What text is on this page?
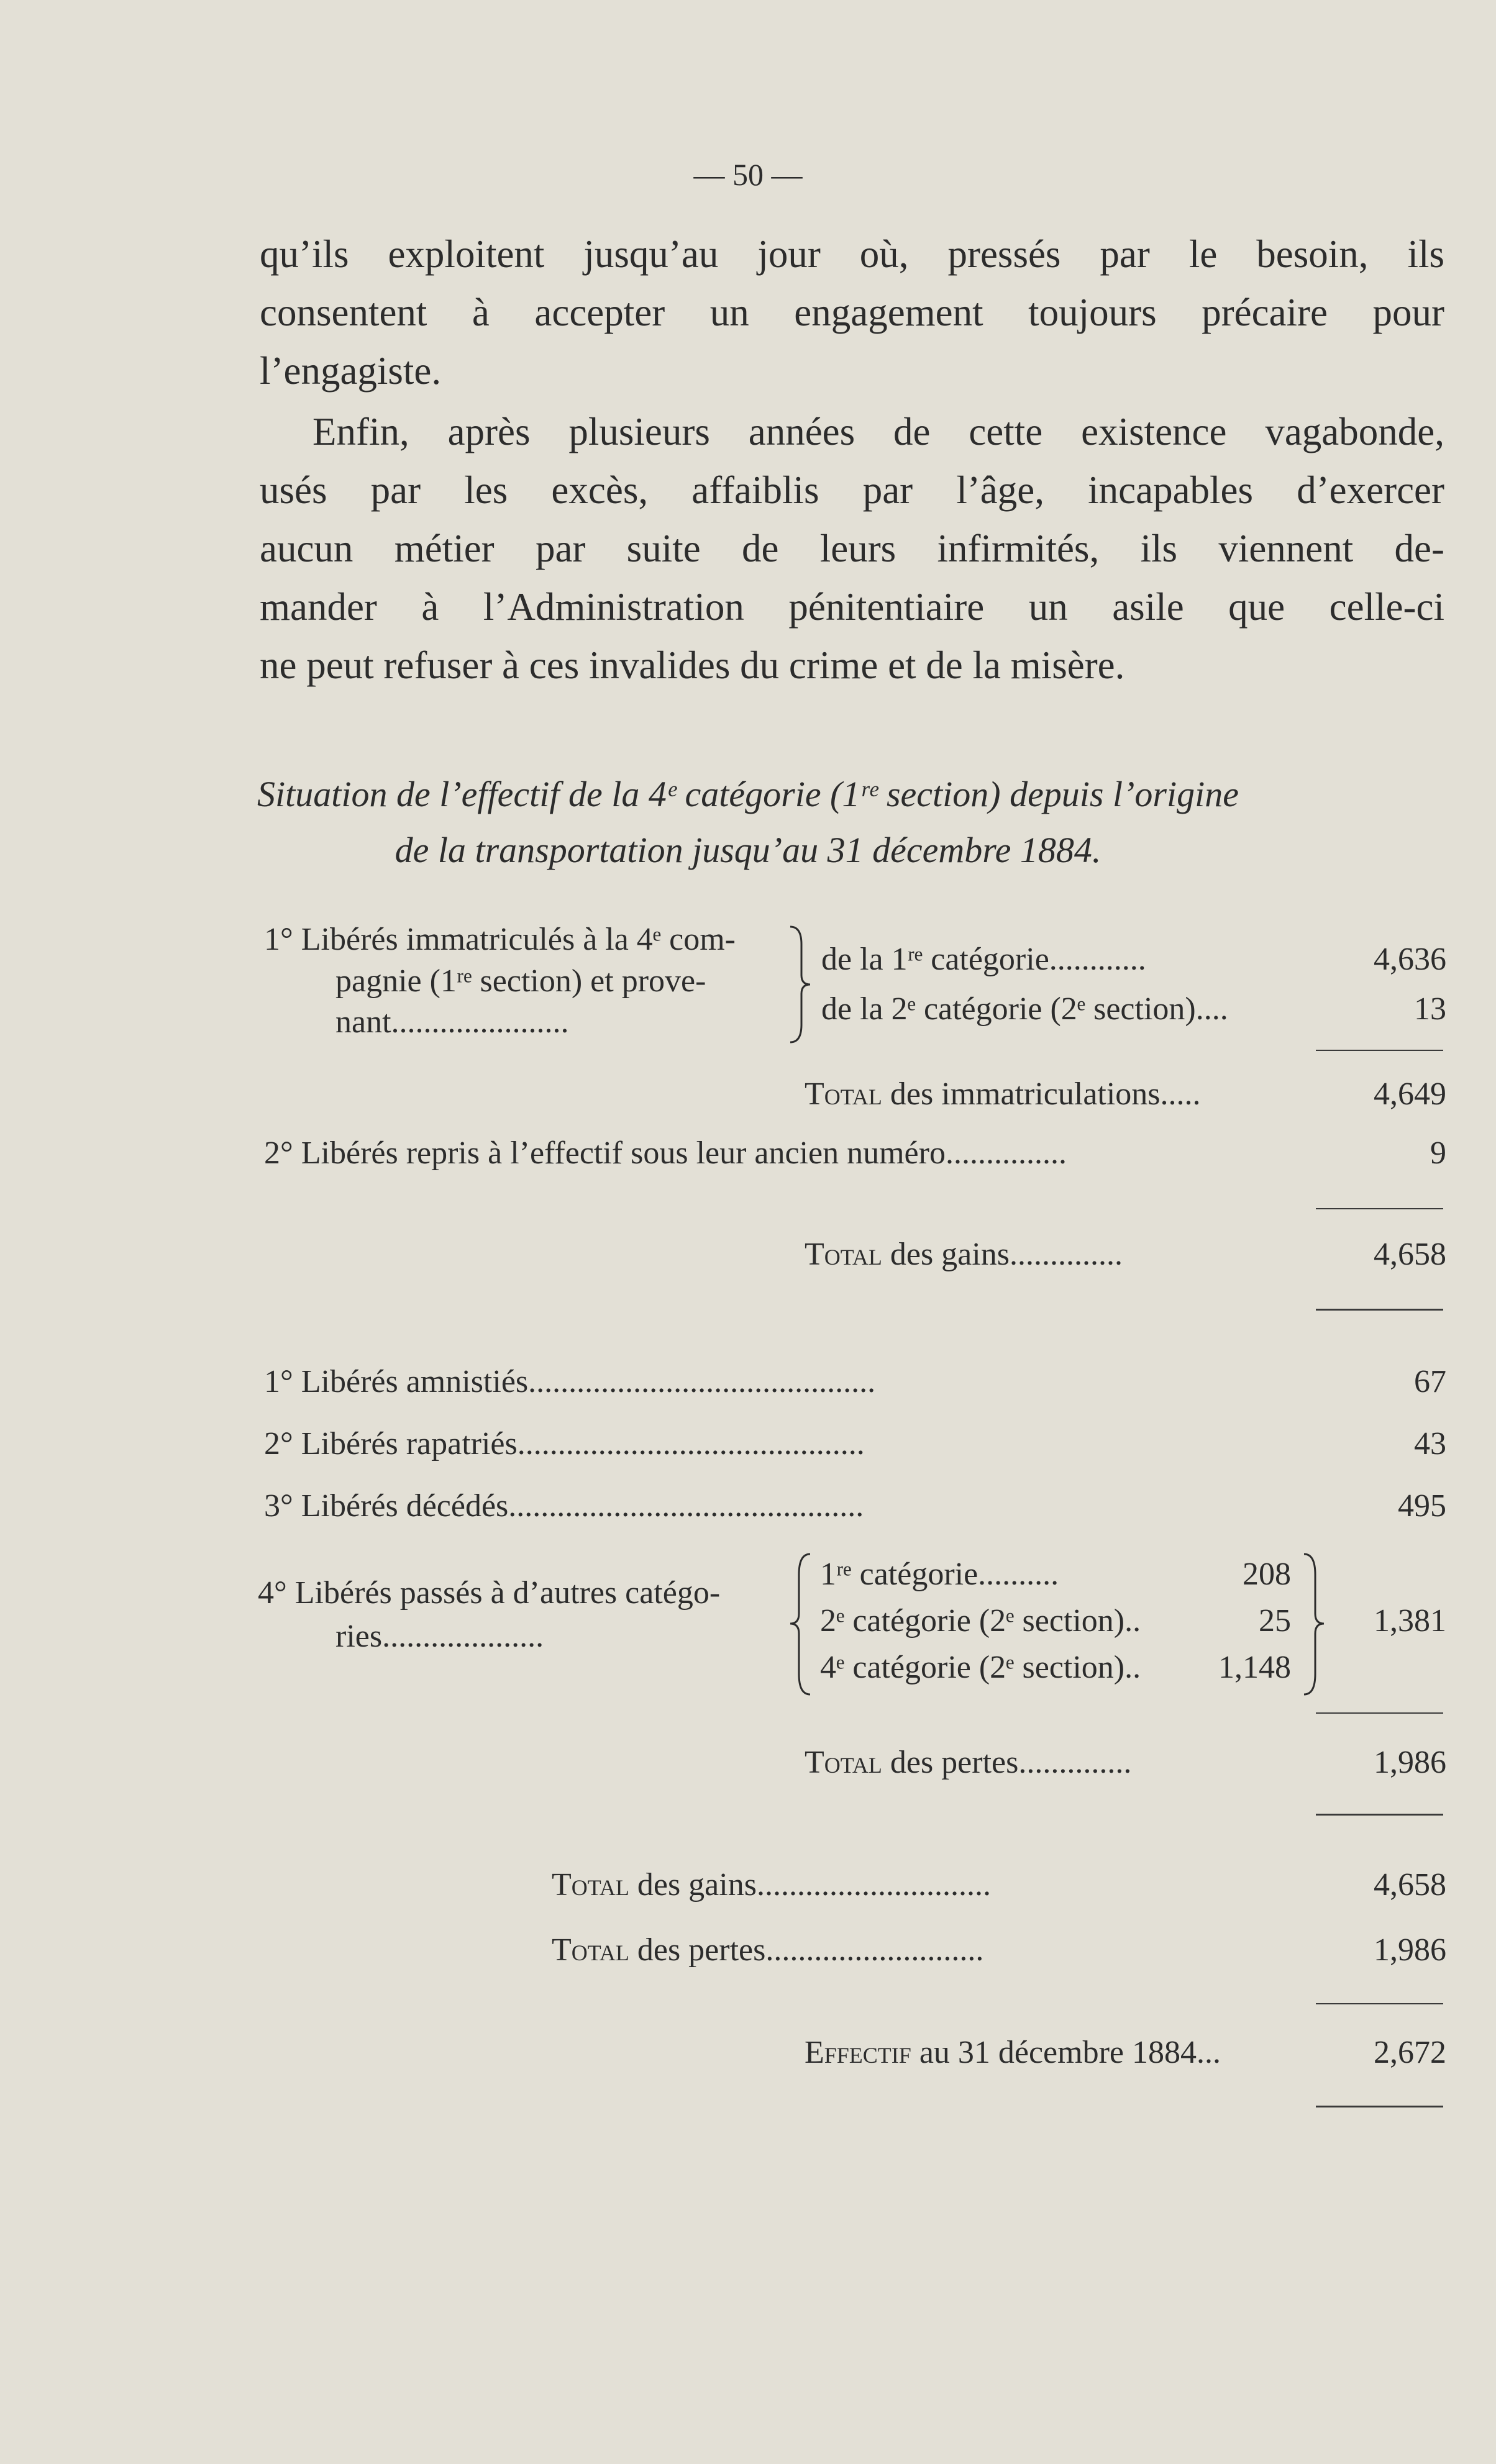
— 50 —
qu’ils exploitent jusqu’au jour où, pressés par le besoin, ils
consentent à accepter un engagement toujours précaire pour
l’engagiste.
Enfin, après plusieurs années de cette existence vagabonde,
usés par les excès, affaiblis par l’âge, incapables d’exercer
aucun métier par suite de leurs infirmités, ils viennent de-
mander à l’Administration pénitentiaire un asile que celle-ci
ne peut refuser à ces invalides du crime et de la misère.
Situation de l’effectif de la 4ᵉ catégorie (1ʳᵉ section) depuis l’origine
de la transportation jusqu’au 31 décembre 1884.
1° Libérés immatriculés à la 4ᵉ com-
pagnie (1ʳᵉ section) et prove-
nant......................
de la 1ʳᵉ catégorie............	4,636
de la 2ᵉ catégorie (2ᵉ section)....	13
Total des immatriculations.....	4,649
2° Libérés repris à l’effectif sous leur ancien numéro...............	9
Total des gains..............	4,658
1° Libérés amnistiés...........................................	67
2° Libérés rapatriés...........................................	43
3° Libérés décédés............................................	495
4° Libérés passés à d’autres catégo-
ries....................
1ʳᵉ catégorie..........	208
2ᵉ catégorie (2ᵉ section)..	25
4ᵉ catégorie (2ᵉ section).. 1,148
1,381
Total des pertes..............	1,986
Total des gains.............................	4,658
Total des pertes...........................	1,986
Effectif au 31 décembre 1884...	2,672
